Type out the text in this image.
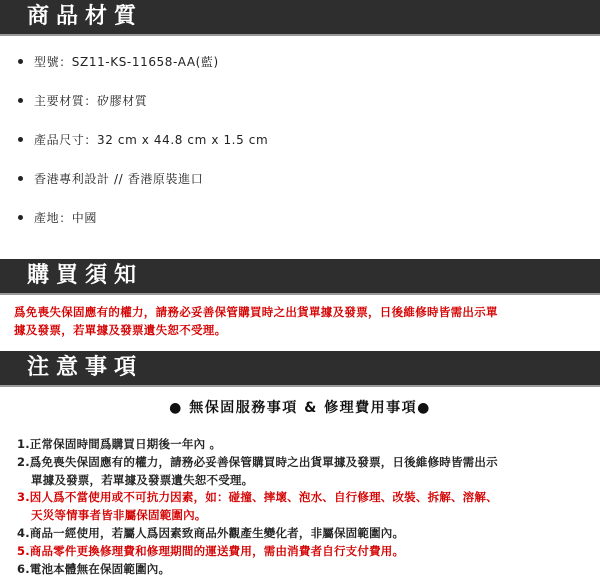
商品材質
型號：SZ11-KS-11658-AA(藍)
主要材質：矽膠材質
產品尺寸：32 cm x 44.8 cm x 1.5 cm
香港專利設計 // 香港原裝進口
產地：中國
購買須知
爲免喪失保固應有的權力，請務必妥善保管購買時之出貨單據及發票，日後維修時皆需出示單
據及發票，若單據及發票遺失恕不受理。
注意事項
● 無保固服務事項 & 修理費用事項●
1.正常保固時間爲購買日期後一年內 。
2.爲免喪失保固應有的權力，請務必妥善保管購買時之出貨單據及發票，日後維修時皆需出示
單據及發票，若單據及發票遺失恕不受理。
3.因人爲不當使用或不可抗力因素，如：碰撞、摔壞、泡水、自行修理、改裝、拆解、溶解、
天災等情事者皆非屬保固範圍內。
4.商品一經使用，若屬人爲因素致商品外觀產生變化者，非屬保固範圍內。
5.商品零件更換修理費和修理期間的運送費用，需由消費者自行支付費用。
6.電池本體無在保固範圍內。
